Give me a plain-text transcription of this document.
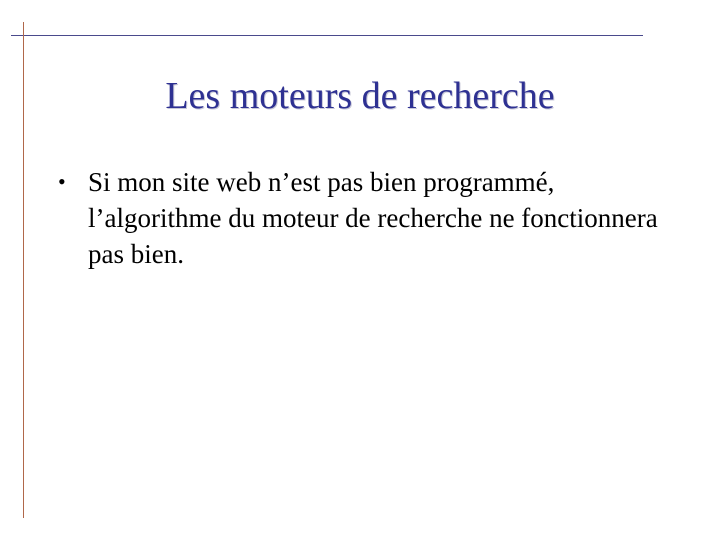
Les moteurs de recherche
• Si mon site web n’est pas bien programmé, l’algorithme du moteur de recherche ne fonctionnera pas bien.
